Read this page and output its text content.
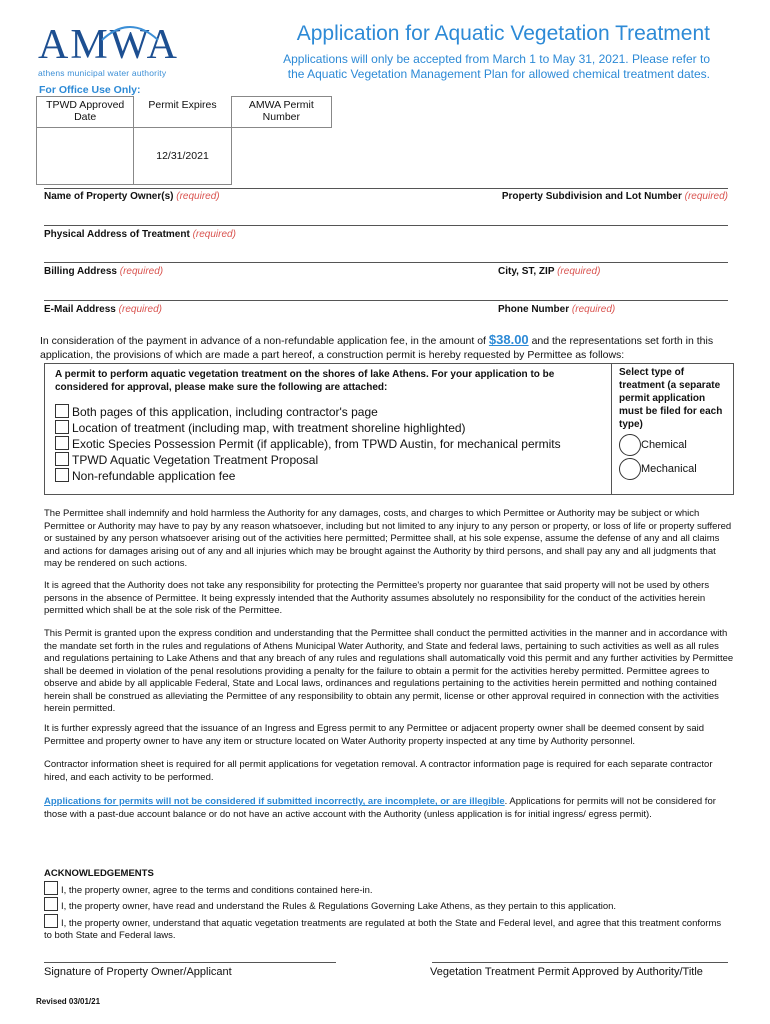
AMWA
athens municipal water authority
Application for Aquatic Vegetation Treatment
Applications will only be accepted from March 1 to May 31, 2021. Please refer to the Aquatic Vegetation Management Plan for allowed chemical treatment dates.
For Office Use Only:
TPWD Approved Date	Permit Expires	AMWA Permit Number
	12/31/2021	
Name of Property Owner(s) (required)	Property Subdivision and Lot Number (required)
Physical Address of Treatment (required)
Billing Address (required)	City, ST, ZIP (required)
E-Mail Address (required)	Phone Number (required)
In consideration of the payment in advance of a non-refundable application fee, in the amount of $38.00 and the representations set forth in this application, the provisions of which are made a part hereof, a construction permit is hereby requested by Permittee as follows:
A permit to perform aquatic vegetation treatment on the shores of lake Athens. For your application to be considered for approval, please make sure the following are attached:
Both pages of this application, including contractor's page
Location of treatment (including map, with treatment shoreline highlighted)
Exotic Species Possession Permit (if applicable), from TPWD Austin, for mechanical permits
TPWD Aquatic Vegetation Treatment Proposal
Non-refundable application fee
Select type of treatment (a separate permit application must be filed for each type)
Chemical
Mechanical
The Permittee shall indemnify and hold harmless the Authority for any damages, costs, and charges to which Permittee or Authority may be subject or which Permittee or Authority may have to pay by any reason whatsoever, including but not limited to any injury to any person or property, or loss of life or property suffered or sustained by any person whatsoever arising out of the activities here permitted; Permittee shall, at his sole expense, assume the defense of any and all claims and actions for damages arising out of any and all injuries which may be brought against the Authority by third persons, and shall pay any and all judgments that may be rendered on such actions.
It is agreed that the Authority does not take any responsibility for protecting the Permittee's property nor guarantee that said property will not be used by others persons in the absence of Permittee. It being expressly intended that the Authority assumes absolutely no responsibility for the conduct of the activities herein permitted which shall be at the sole risk of the Permittee.
This Permit is granted upon the express condition and understanding that the Permittee shall conduct the permitted activities in the manner and in accordance with the mandate set forth in the rules and regulations of Athens Municipal Water Authority, and State and federal laws, pertaining to such activities as well as all rules and regulations pertaining to Lake Athens and that any breach of any rules and regulations shall automatically void this permit and any further activities by Permittee shall be deemed in violation of the penal resolutions providing a penalty for the failure to obtain a permit for the activities hereby permitted. Permittee agrees to observe and abide by all applicable Federal, State and Local laws, ordinances and regulations pertaining to the activities herein permitted and nothing contained herein shall be construed as alleviating the Permittee of any responsibility to obtain any permit, license or other approval required in connection with the activities herein permitted.
It is further expressly agreed that the issuance of an Ingress and Egress permit to any Permittee or adjacent property owner shall be deemed consent by said Permittee and property owner to have any item or structure located on Water Authority property inspected at any time by Authority personnel.
Contractor information sheet is required for all permit applications for vegetation removal. A contractor information page is required for each separate contractor hired, and each activity to be performed.
Applications for permits will not be considered if submitted incorrectly, are incomplete, or are illegible. Applications for permits will not be considered for those with a past-due account balance or do not have an active account with the Authority (unless application is for initial ingress/ egress permit).
ACKNOWLEDGEMENTS
I, the property owner, agree to the terms and conditions contained here-in.
I, the property owner, have read and understand the Rules & Regulations Governing Lake Athens, as they pertain to this application.
I, the property owner, understand that aquatic vegetation treatments are regulated at both the State and Federal level, and agree that this treatment conforms to both State and Federal laws.
Signature of Property Owner/Applicant	Vegetation Treatment Permit Approved by Authority/Title
Revised 03/01/21
